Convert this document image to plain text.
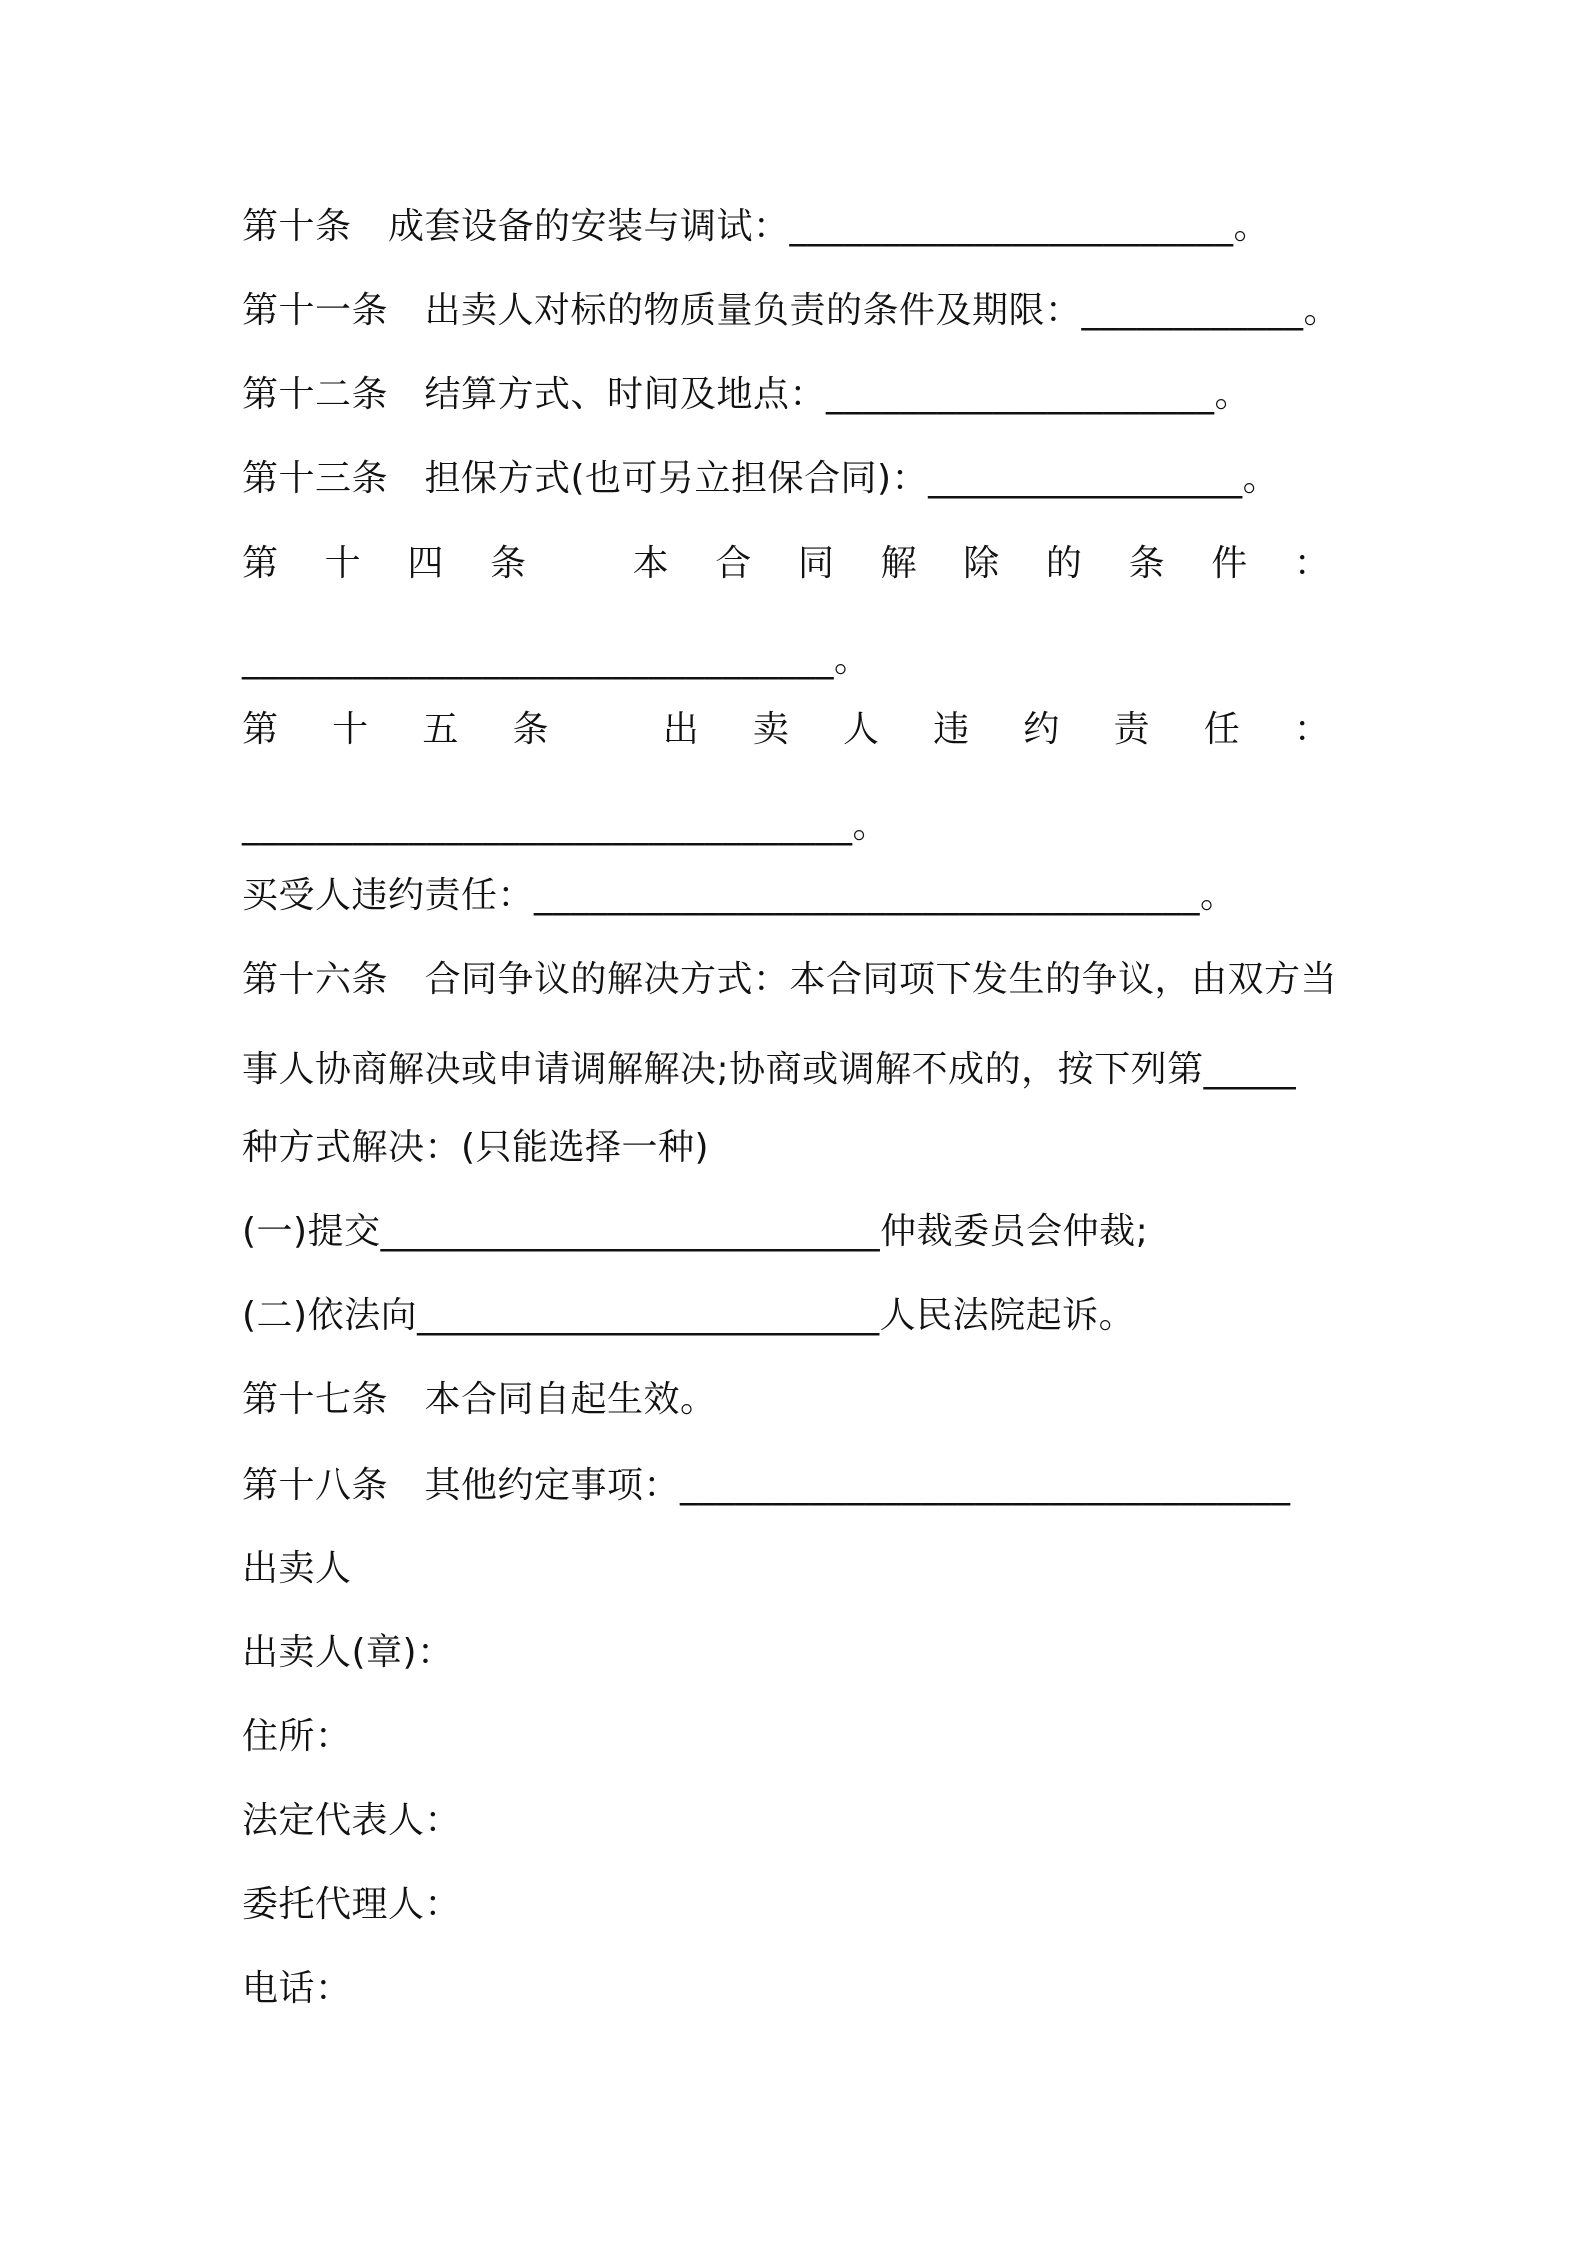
第十条　成套设备的安装与调试：________________________。
第十一条　出卖人对标的物质量负责的条件及期限：____________。
第十二条　结算方式、时间及地点：_____________________。
第十三条　担保方式(也可另立担保合同)：_________________。
第 十 四 条	本 合 同 解 除 的 条 件 ：
________________________________。
第 十 五 条	出 卖 人 违 约 责 任 ：
_________________________________。
买受人违约责任：____________________________________。
第十六条　合同争议的解决方式：本合同项下发生的争议，由双方当
事人协商解决或申请调解解决;协商或调解不成的，按下列第_____
种方式解决：(只能选择一种)
(一)提交___________________________仲裁委员会仲裁;
(二)依法向_________________________人民法院起诉。
第十七条　本合同自起生效。
第十八条　其他约定事项：_________________________________
出卖人
出卖人(章)：
住所：
法定代表人：
委托代理人：
电话：
